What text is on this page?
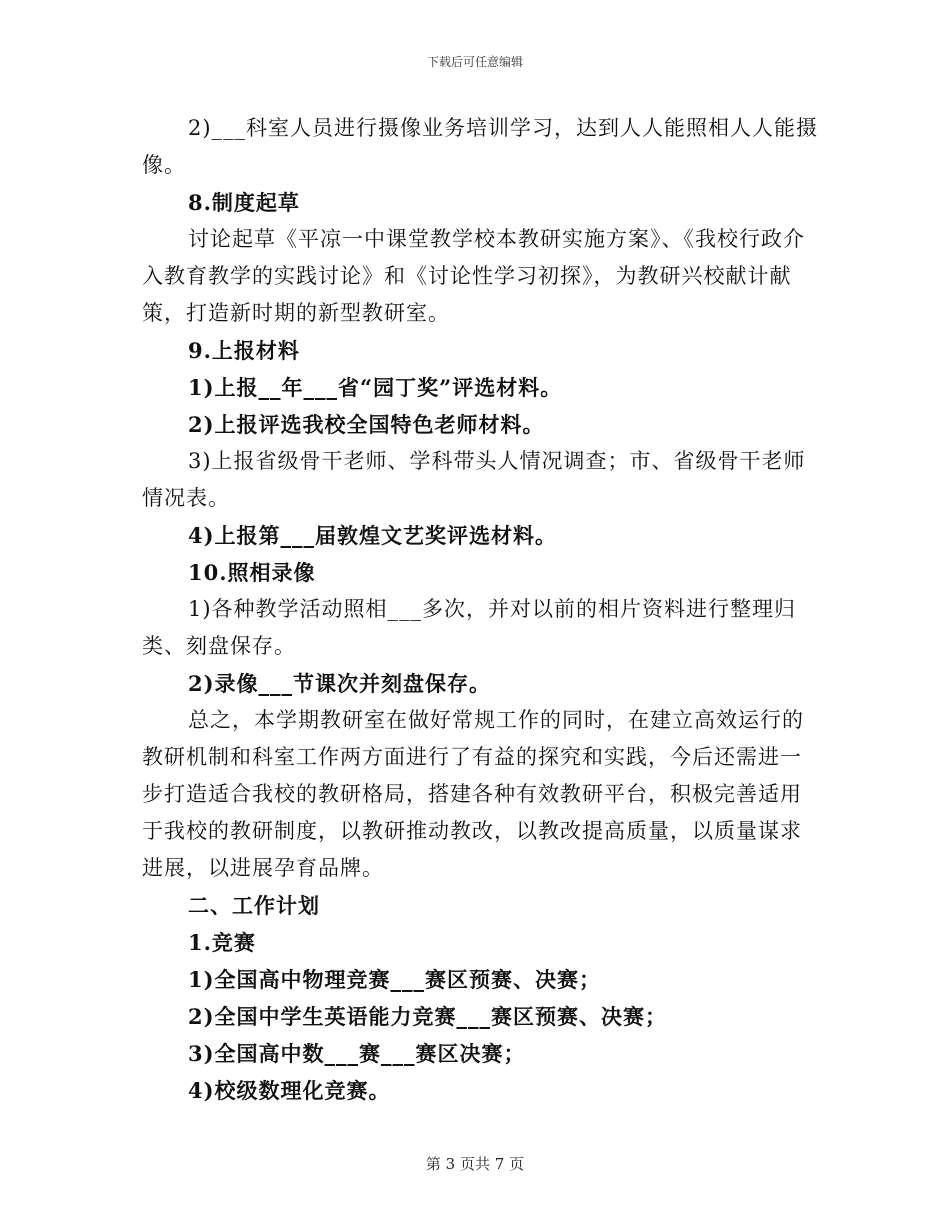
下载后可任意编辑

2)___科室人员进行摄像业务培训学习，达到人人能照相人人能摄像。

8.制度起草

讨论起草《平凉一中课堂教学校本教研实施方案》、《我校行政介入教育教学的实践讨论》和《讨论性学习初探》，为教研兴校献计献策，打造新时期的新型教研室。

9.上报材料

1)上报__年___省“园丁奖”评选材料。

2)上报评选我校全国特色老师材料。

3)上报省级骨干老师、学科带头人情况调查；市、省级骨干老师情况表。

4)上报第___届敦煌文艺奖评选材料。

10.照相录像

1)各种教学活动照相___多次，并对以前的相片资料进行整理归类、刻盘保存。

2)录像___节课次并刻盘保存。

总之，本学期教研室在做好常规工作的同时，在建立高效运行的教研机制和科室工作两方面进行了有益的探究和实践，今后还需进一步打造适合我校的教研格局，搭建各种有效教研平台，积极完善适用于我校的教研制度，以教研推动教改，以教改提高质量，以质量谋求进展，以进展孕育品牌。

二、工作计划

1.竞赛

1)全国高中物理竞赛___赛区预赛、决赛；

2)全国中学生英语能力竞赛___赛区预赛、决赛；

3)全国高中数___赛___赛区决赛；

4)校级数理化竞赛。

第 3 页共 7 页
